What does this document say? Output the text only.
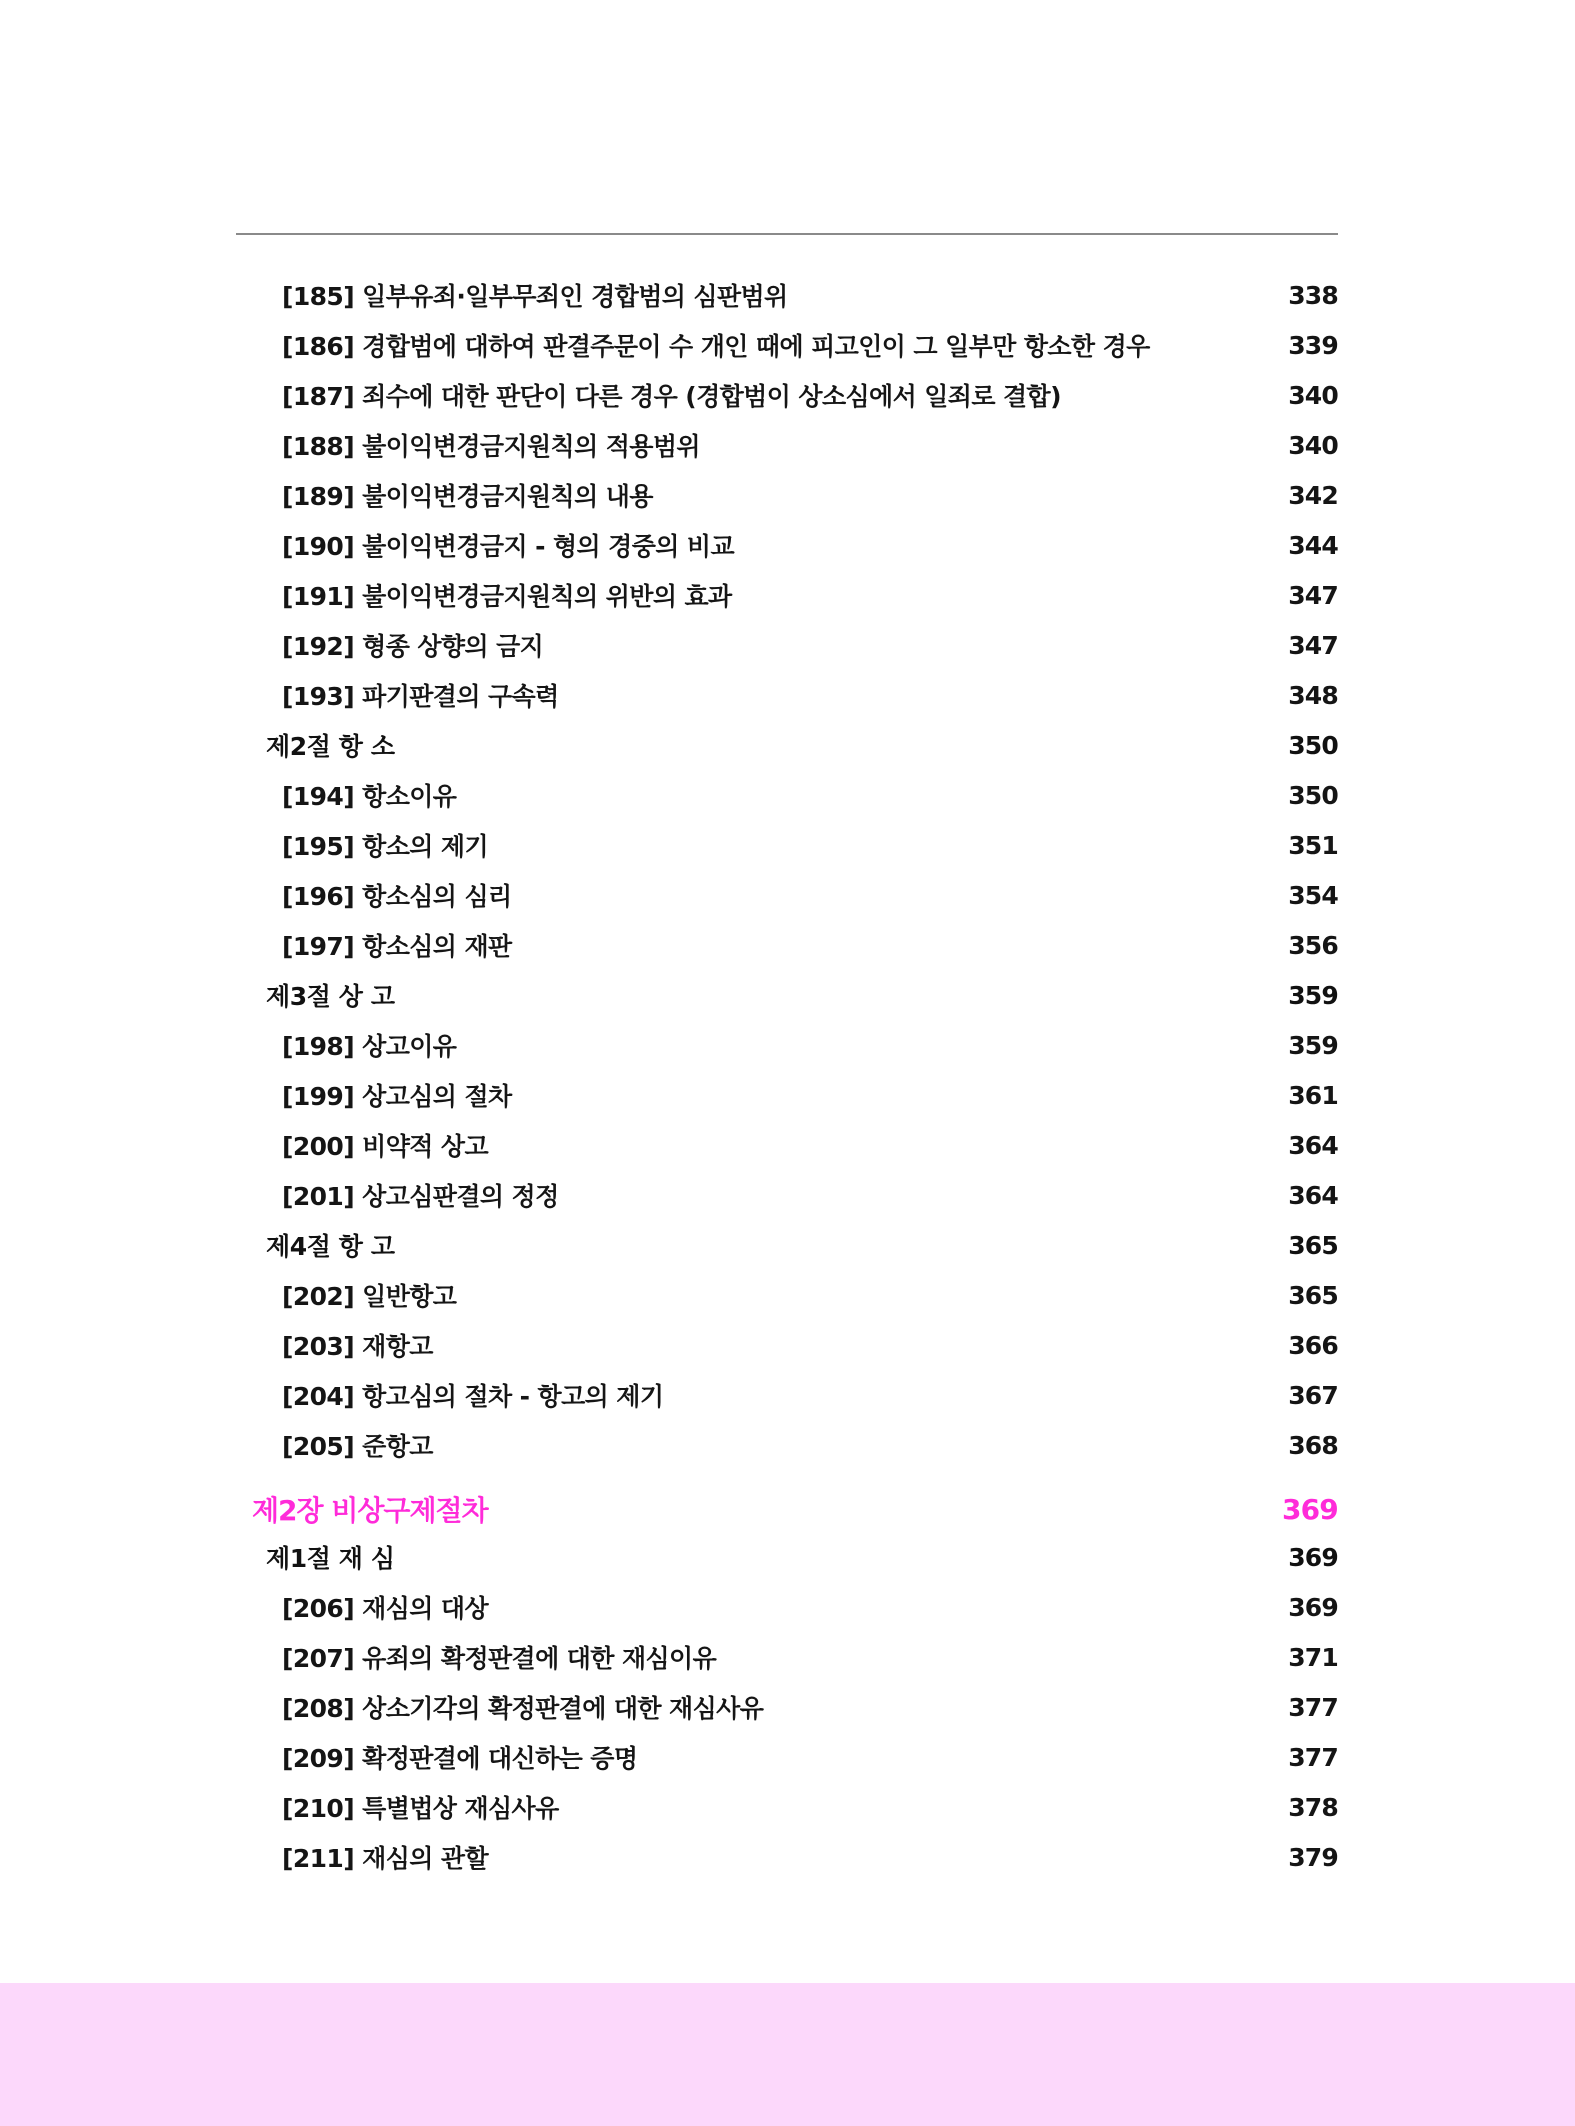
[185] 일부유죄·일부무죄인 경합범의 심판범위	338
[186] 경합범에 대하여 판결주문이 수 개인 때에 피고인이 그 일부만 항소한 경우	339
[187] 죄수에 대한 판단이 다른 경우 (경합범이 상소심에서 일죄로 결합)	340
[188] 불이익변경금지원칙의 적용범위	340
[189] 불이익변경금지원칙의 내용	342
[190] 불이익변경금지 - 형의 경중의 비교	344
[191] 불이익변경금지원칙의 위반의 효과	347
[192] 형종 상향의 금지	347
[193] 파기판결의 구속력	348
제2절 항 소	350
[194] 항소이유	350
[195] 항소의 제기	351
[196] 항소심의 심리	354
[197] 항소심의 재판	356
제3절 상 고	359
[198] 상고이유	359
[199] 상고심의 절차	361
[200] 비약적 상고	364
[201] 상고심판결의 정정	364
제4절 항 고	365
[202] 일반항고	365
[203] 재항고	366
[204] 항고심의 절차 - 항고의 제기	367
[205] 준항고	368
제2장 비상구제절차	369
제1절 재 심	369
[206] 재심의 대상	369
[207] 유죄의 확정판결에 대한 재심이유	371
[208] 상소기각의 확정판결에 대한 재심사유	377
[209] 확정판결에 대신하는 증명	377
[210] 특별법상 재심사유	378
[211] 재심의 관할	379
